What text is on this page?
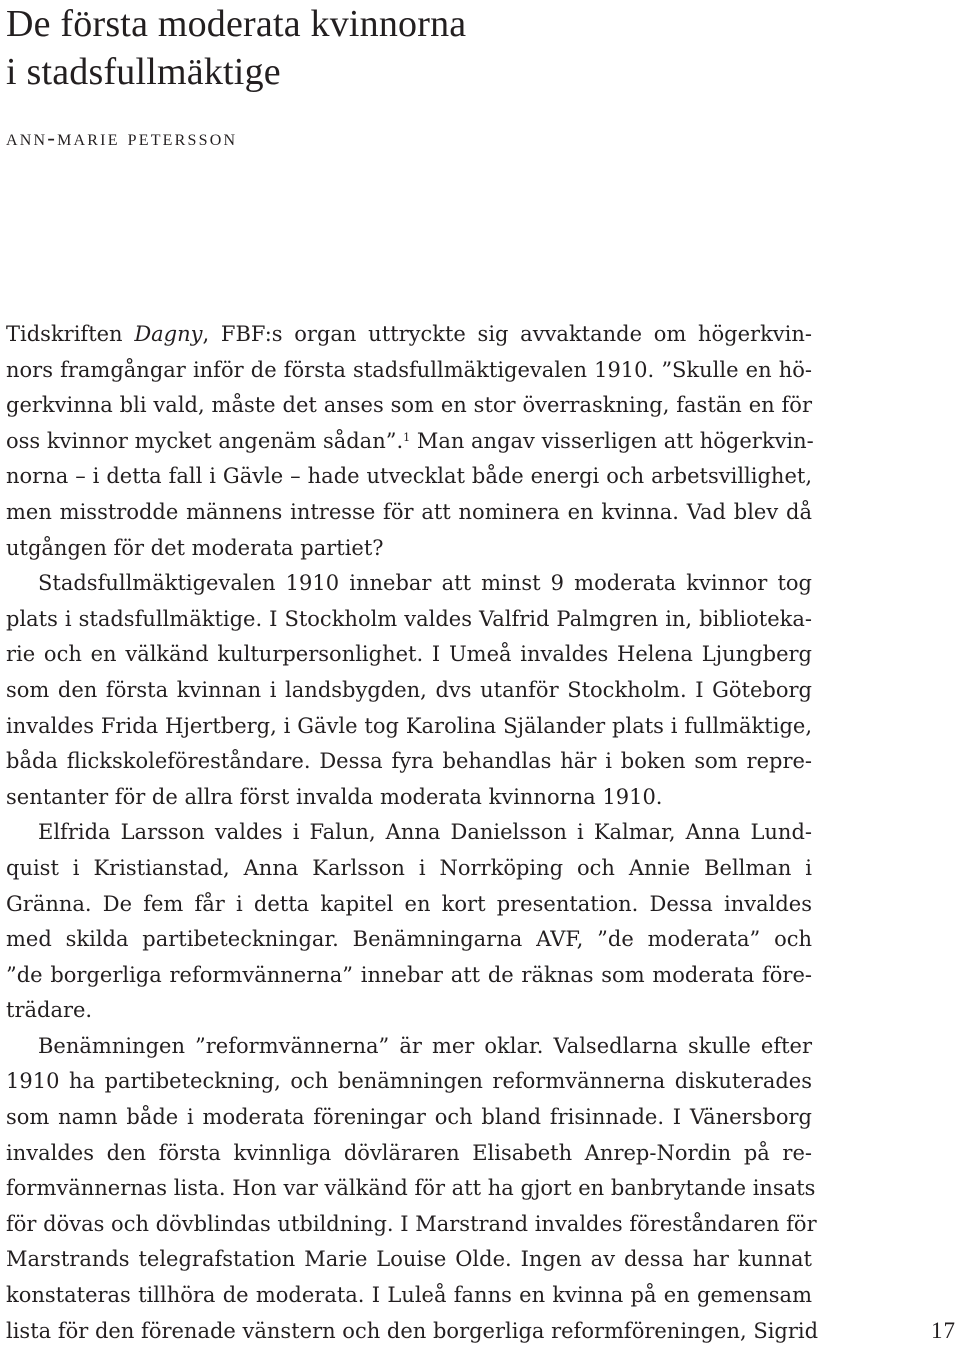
De första moderata kvinnorna
i stadsfullmäktige
ann-marie petersson
Tidskriften Dagny, FBF:s organ uttryckte sig avvaktande om högerkvin-
nors framgångar inför de första stadsfullmäktigevalen 1910. ”Skulle en hö-
gerkvinna bli vald, måste det anses som en stor överraskning, fastän en för
oss kvinnor mycket angenäm sådan”.$^1$ Man angav visserligen att högerkvin-
norna – i detta fall i Gävle – hade utvecklat både energi och arbetsvillighet,
men misstrodde männens intresse för att nominera en kvinna. Vad blev då
utgången för det moderata partiet?
Stadsfullmäktigevalen 1910 innebar att minst 9 moderata kvinnor tog
plats i stadsfullmäktige. I Stockholm valdes Valfrid Palmgren in, biblioteka-
rie och en välkänd kulturpersonlighet. I Umeå invaldes Helena Ljungberg
som den första kvinnan i landsbygden, dvs utanför Stockholm. I Göteborg
invaldes Frida Hjertberg, i Gävle tog Karolina Själander plats i fullmäktige,
båda flickskoleföreståndare. Dessa fyra behandlas här i boken som repre-
sentanter för de allra först invalda moderata kvinnorna 1910.
Elfrida Larsson valdes i Falun, Anna Danielsson i Kalmar, Anna Lund-
quist i Kristianstad, Anna Karlsson i Norrköping och Annie Bellman i
Gränna. De fem får i detta kapitel en kort presentation. Dessa invaldes
med skilda partibeteckningar. Benämningarna AVF, ”de moderata” och
”de borgerliga reformvännerna” innebar att de räknas som moderata före-
trädare.
Benämningen ”reformvännerna” är mer oklar. Valsedlarna skulle efter
1910 ha partibeteckning, och benämningen reformvännerna diskuterades
som namn både i moderata föreningar och bland frisinnade. I Vänersborg
invaldes den första kvinnliga dövläraren Elisabeth Anrep-Nordin på re-
formvännernas lista. Hon var välkänd för att ha gjort en banbrytande insats
för dövas och dövblindas utbildning. I Marstrand invaldes föreståndaren för
Marstrands telegrafstation Marie Louise Olde. Ingen av dessa har kunnat
konstateras tillhöra de moderata. I Luleå fanns en kvinna på en gemensam
lista för den förenade vänstern och den borgerliga reformföreningen, Sigrid	17
